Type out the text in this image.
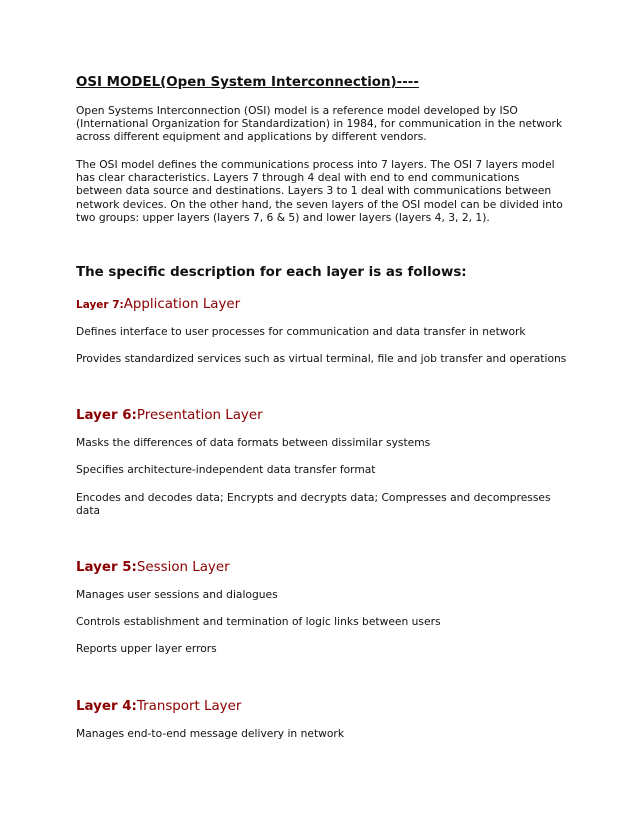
OSI MODEL(Open System Interconnection)----

Open Systems Interconnection (OSI) model is a reference model developed by ISO (International Organization for Standardization) in 1984, for communication in the network across different equipment and applications by different vendors.

The OSI model defines the communications process into 7 layers. The OSI 7 layers model has clear characteristics. Layers 7 through 4 deal with end to end communications between data source and destinations. Layers 3 to 1 deal with communications between network devices. On the other hand, the seven layers of the OSI model can be divided into two groups: upper layers (layers 7, 6 & 5) and lower layers (layers 4, 3, 2, 1).

The specific description for each layer is as follows:
Layer 7:Application Layer

Defines interface to user processes for communication and data transfer in network

Provides standardized services such as virtual terminal, file and job transfer and operations

Layer 6:Presentation Layer

Masks the differences of data formats between dissimilar systems

Specifies architecture-independent data transfer format

Encodes and decodes data; Encrypts and decrypts data; Compresses and decompresses data

Layer 5:Session Layer

Manages user sessions and dialogues

Controls establishment and termination of logic links between users

Reports upper layer errors

Layer 4:Transport Layer

Manages end-to-end message delivery in network
